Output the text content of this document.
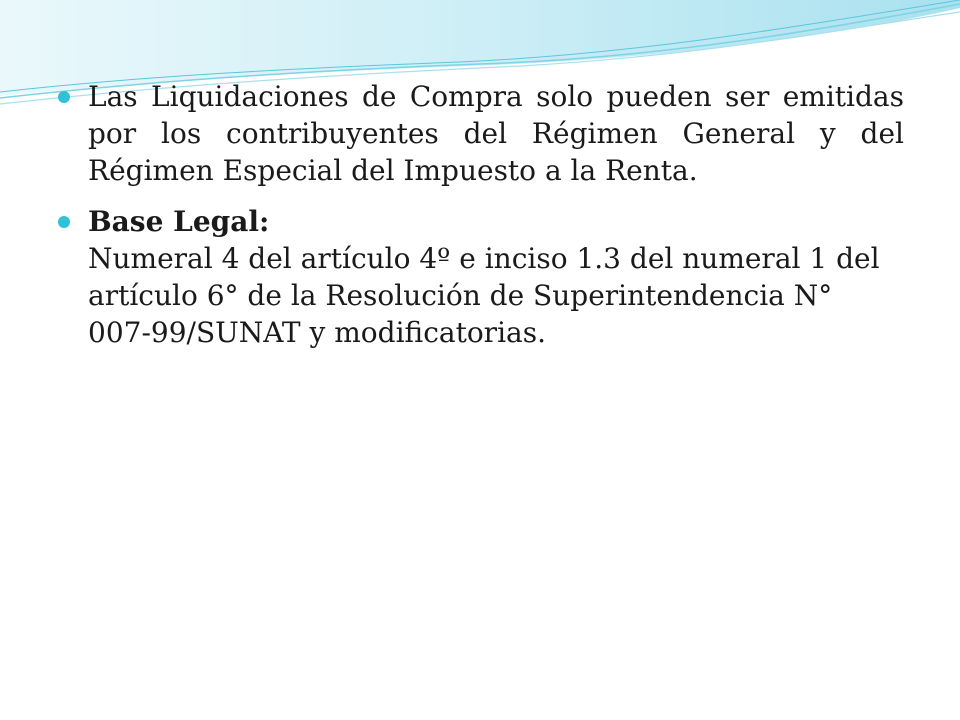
Las Liquidaciones de Compra solo pueden ser emitidas por los contribuyentes del Régimen General y del Régimen Especial del Impuesto a la Renta.
Base Legal:
Numeral 4 del artículo 4º e inciso 1.3 del numeral 1 del
artículo 6° de la Resolución de Superintendencia N°
007-99/SUNAT y modificatorias.
